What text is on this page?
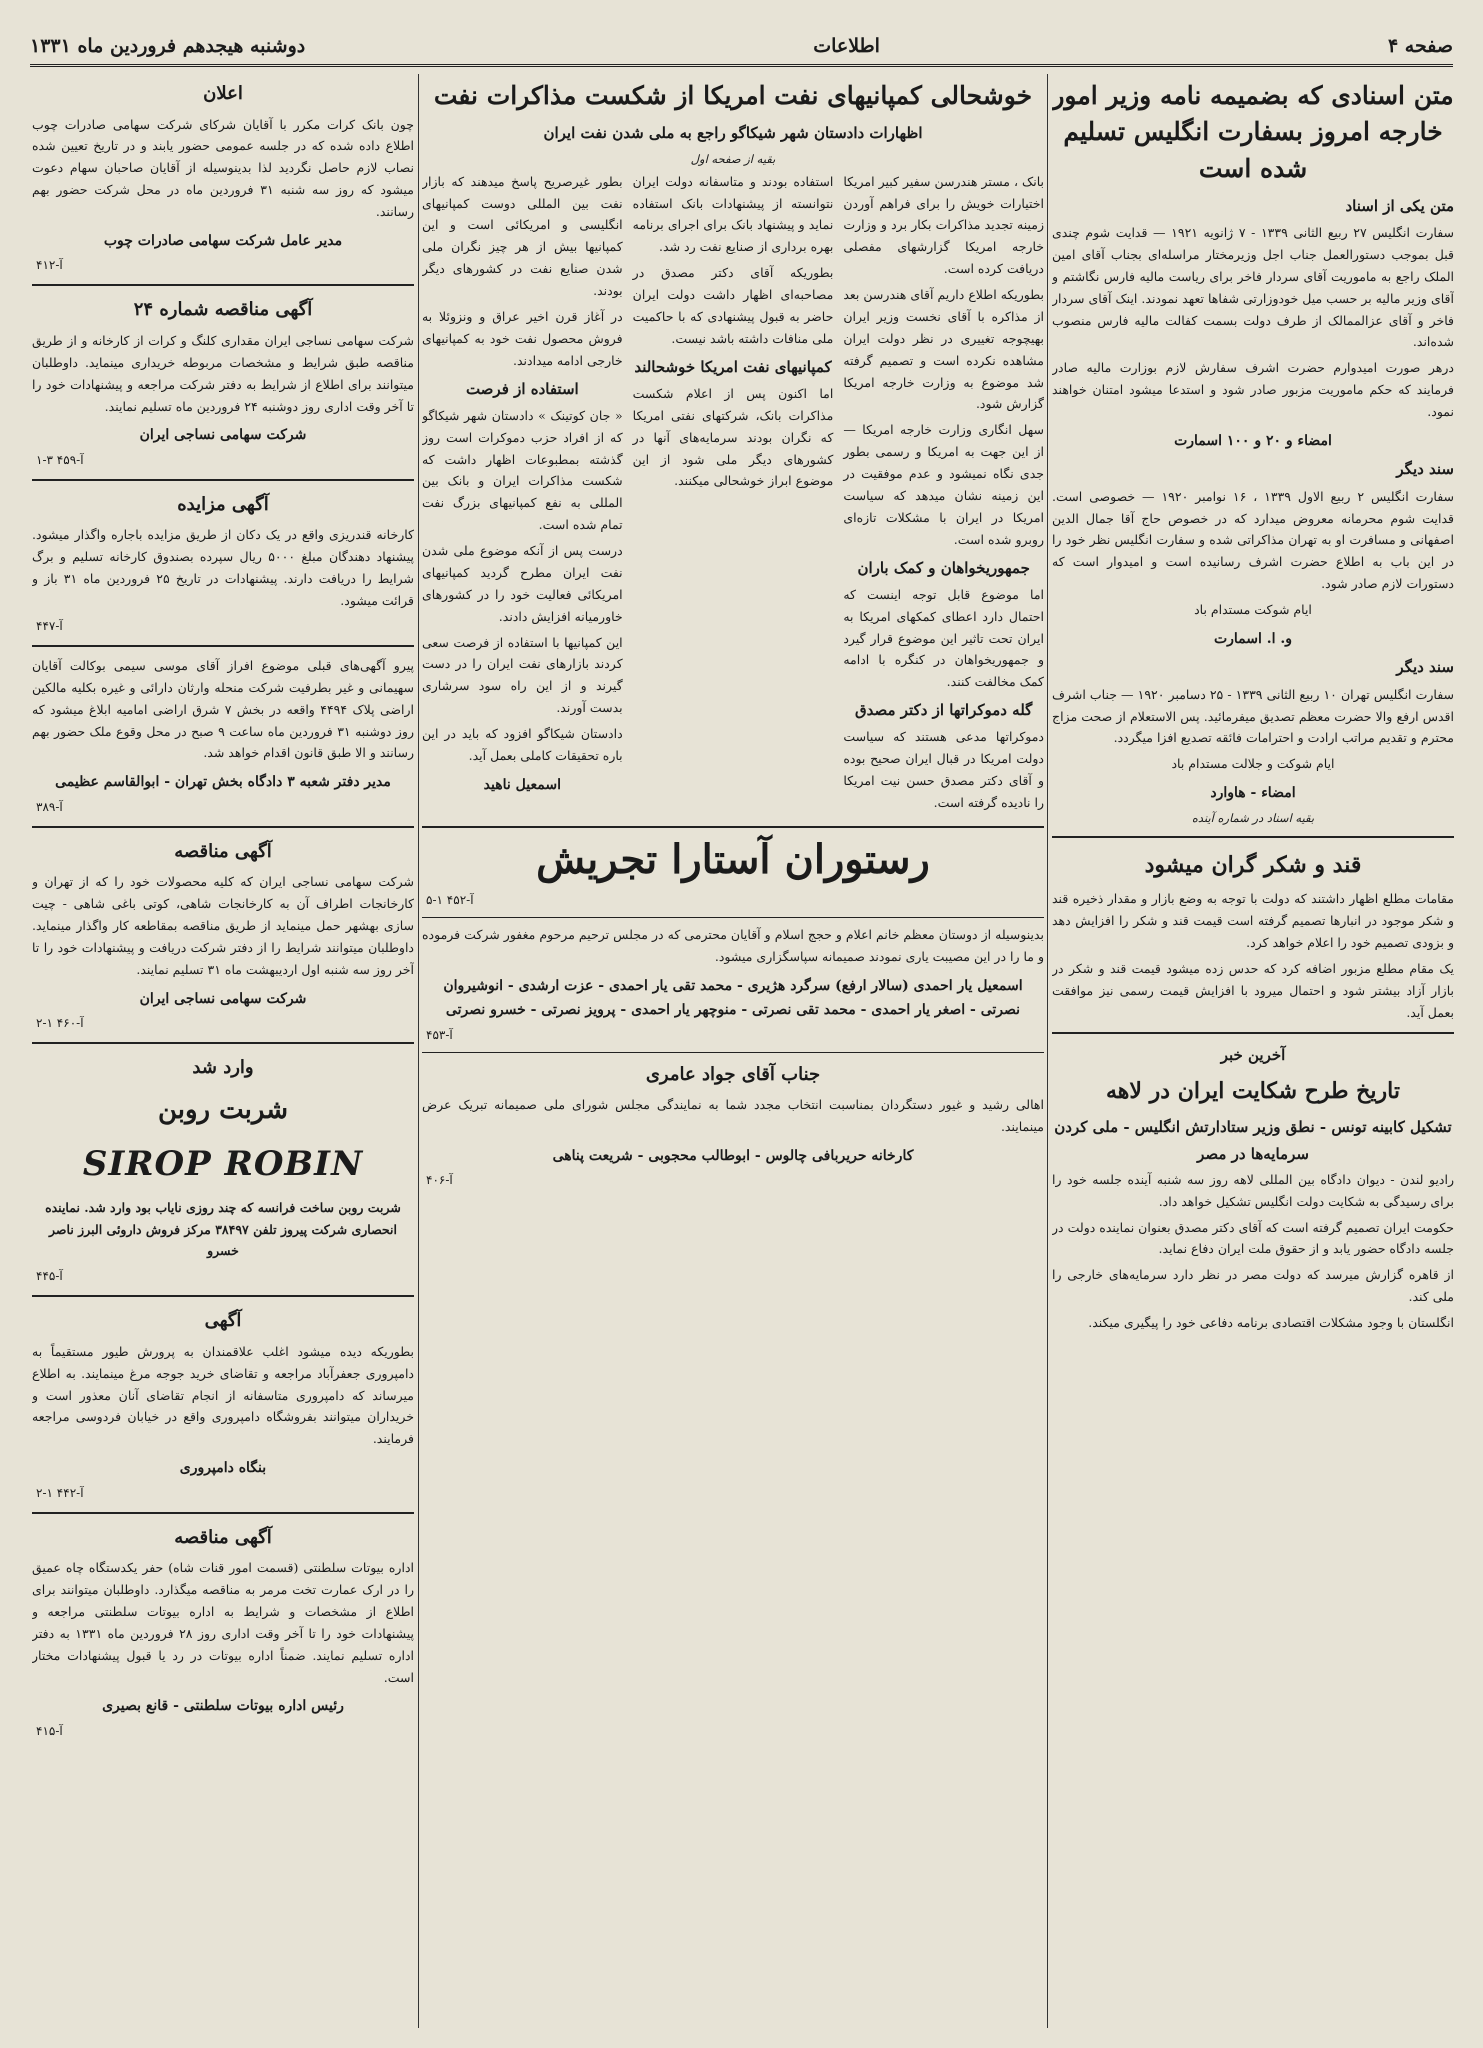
صفحه ۴
اطلاعات
دوشنبه هیجدهم فروردین ماه ۱۳۳۱
متن اسنادی که بضمیمه نامه وزیر امور خارجه امروز بسفارت انگلیس تسلیم شده است
متن یکی از اسناد

سفارت انگلیس ۲۷ ربیع الثانی ۱۳۳۹ - ۷ ژانویه ۱۹۲۱ — قدایت شوم چندی قبل بموجب دستورالعمل جناب اجل وزیرمختار مراسله‌ای بجناب آقای امین الملک راجع به ماموریت آقای سردار فاخر برای ریاست مالیه فارس نگاشتم و آقای وزیر مالیه بر حسب میل خودوزارتی شفاها تعهد نمودند. اینک آقای سردار فاخر و آقای عزالممالک از طرف دولت بسمت کفالت مالیه فارس منصوب شده‌اند.

درهر صورت امیدوارم حضرت اشرف سفارش لازم بوزارت مالیه صادر فرمایند که حکم ماموریت مزبور صادر شود و استدعا میشود امتنان خواهند نمود.

امضاء و ۲۰ و ۱۰۰ اسمارت
سند دیگر

سفارت انگلیس ۲ ربیع الاول ۱۳۳۹ ، ۱۶ نوامبر ۱۹۲۰ — خصوصی است. قدایت شوم محرمانه معروض میدارد که در خصوص حاج آقا جمال الدین اصفهانی و مسافرت او به تهران مذاکراتی شده و سفارت انگلیس نظر خود را در این باب به اطلاع حضرت اشرف رسانیده است و امیدوار است که دستورات لازم صادر شود.

ایام شوکت مستدام باد

و. ا. اسمارت
سند دیگر

سفارت انگلیس تهران ۱۰ ربیع الثانی ۱۳۳۹ - ۲۵ دسامبر ۱۹۲۰ — جناب اشرف اقدس ارفع والا حضرت معظم تصدیق میفرمائید. پس الاستعلام از صحت مزاج محترم و تقدیم مراتب ارادت و احترامات فائقه تصدیع افزا میگردد.

ایام شوکت و جلالت مستدام باد

امضاء - هاوارد
بقیه اسناد در شماره آینده
قند و شکر گران میشود

مقامات مطلع اظهار داشتند که دولت با توجه به وضع بازار و مقدار ذخیره قند و شکر موجود در انبارها تصمیم گرفته است قیمت قند و شکر را افزایش دهد و بزودی تصمیم خود را اعلام خواهد کرد.

یک مقام مطلع مزبور اضافه کرد که حدس زده میشود قیمت قند و شکر در بازار آزاد بیشتر شود و احتمال میرود با افزایش قیمت رسمی نیز موافقت بعمل آید.

آخرین خبر
تاریخ طرح شکایت ایران در لاهه
تشکیل کابینه تونس - نطق وزیر ستادارتش انگلیس - ملی کردن سرمایه‌ها در مصر

رادیو لندن - دیوان دادگاه بین المللی لاهه روز سه شنبه آینده جلسه خود را برای رسیدگی به شکایت دولت انگلیس تشکیل خواهد داد.

حکومت ایران تصمیم گرفته است که آقای دکتر مصدق بعنوان نماینده دولت در جلسه دادگاه حضور یابد و از حقوق ملت ایران دفاع نماید.

از قاهره گزارش میرسد که دولت مصر در نظر دارد سرمایه‌های خارجی را ملی کند.

انگلستان با وجود مشکلات اقتصادی برنامه دفاعی خود را پیگیری میکند.

خوشحالی کمپانیهای نفت امریکا از شکست مذاکرات نفت
اظهارات دادستان شهر شیکاگو راجع به ملی شدن نفت ایران
بقیه از صفحه اول

بانک ، مستر هندرسن سفیر کبیر امریکا اختیارات خویش را برای فراهم آوردن زمینه تجدید مذاکرات بکار برد و وزارت خارجه امریکا گزارشهای مفصلی دریافت کرده است.

بطوریکه اطلاع داریم آقای هندرسن بعد از مذاکره با آقای نخست وزیر ایران بهیچوجه تغییری در نظر دولت ایران مشاهده نکرده است و تصمیم گرفته شد موضوع به وزارت خارجه امریکا گزارش شود.

سهل انگاری وزارت خارجه امریکا — از این جهت به امریکا و رسمی بطور جدی نگاه نمیشود و عدم موفقیت در این زمینه نشان میدهد که سیاست امریکا در ایران با مشکلات تازه‌ای روبرو شده است.

جمهوریخواهان و کمک باران

اما موضوع قابل توجه اینست که احتمال دارد اعطای کمکهای امریکا به ایران تحت تاثیر این موضوع قرار گیرد و جمهوریخواهان در کنگره با ادامه کمک مخالفت کنند.

گله دموکراتها از دکتر مصدق

دموکراتها مدعی هستند که سیاست دولت امریکا در قبال ایران صحیح بوده و آقای دکتر مصدق حسن نیت امریکا را نادیده گرفته است.

استفاده بودند و متاسفانه دولت ایران نتوانسته از پیشنهادات بانک استفاده نماید و پیشنهاد بانک برای اجرای برنامه بهره برداری از صنایع نفت رد شد.

بطوریکه آقای دکتر مصدق در مصاحبه‌ای اظهار داشت دولت ایران حاضر به قبول پیشنهادی که با حاکمیت ملی منافات داشته باشد نیست.

کمپانیهای نفت امریکا خوشحالند

اما اکنون پس از اعلام شکست مذاکرات بانک، شرکتهای نفتی امریکا که نگران بودند سرمایه‌های آنها در کشورهای دیگر ملی شود از این موضوع ابراز خوشحالی میکنند.

بطور غیرصریح پاسخ میدهند که بازار نفت بین المللی دوست کمپانیهای انگلیسی و امریکائی است و این کمپانیها بیش از هر چیز نگران ملی شدن صنایع نفت در کشورهای دیگر بودند.

در آغاز قرن اخیر عراق و ونزوئلا به فروش محصول نفت خود به کمپانیهای خارجی ادامه میدادند.

استفاده از فرصت

« جان کوتینک » دادستان شهر شیکاگو که از افراد حزب دموکرات است روز گذشته بمطبوعات اظهار داشت که شکست مذاکرات ایران و بانک بین المللی به نفع کمپانیهای بزرگ نفت تمام شده است.

درست پس از آنکه موضوع ملی شدن نفت ایران مطرح گردید کمپانیهای امریکائی فعالیت خود را در کشورهای خاورمیانه افزایش دادند.

این کمپانیها با استفاده از فرصت سعی کردند بازارهای نفت ایران را در دست گیرند و از این راه سود سرشاری بدست آورند.

دادستان شیکاگو افزود که باید در این باره تحقیقات کاملی بعمل آید.

اسمعیل ناهید
رستوران آستارا تجریش
آ-۴۵۲ ۱-۵

بدینوسیله از دوستان معظم خانم اعلام و حجج اسلام و آقایان محترمی که در مجلس ترحیم مرحوم مغفور شرکت فرموده و ما را در این مصیبت یاری نمودند صمیمانه سپاسگزاری میشود.

اسمعیل یار احمدی (سالار ارفع) سرگرد هژیری - محمد تقی یار احمدی - عزت ارشدی - انوشیروان نصرتی - اصغر یار احمدی - محمد تقی نصرتی - منوچهر یار احمدی - پرویز نصرتی - خسرو نصرتی
آ-۴۵۳
جناب آقای جواد عامری

اهالی رشید و غیور دستگردان بمناسبت انتخاب مجدد شما به نمایندگی مجلس شورای ملی صمیمانه تبریک عرض مینمایند.

کارخانه حریربافی چالوس - ابوطالب محجوبی - شریعت پناهی
آ-۴۰۶
اعلان

چون بانک کرات مکرر با آقایان شرکای شرکت سهامی صادرات چوب اطلاع داده شده که در جلسه عمومی حضور یابند و در تاریخ تعیین شده نصاب لازم حاصل نگردید لذا بدینوسیله از آقایان صاحبان سهام دعوت میشود که روز سه شنبه ۳۱ فروردین ماه در محل شرکت حضور بهم رسانند.

مدیر عامل شرکت سهامی صادرات چوب
آ-۴۱۲
آگهی مناقصه شماره ۲۴

شرکت سهامی نساجی ایران مقداری کلنگ و کرات از کارخانه و از طریق مناقصه طبق شرایط و مشخصات مربوطه خریداری مینماید. داوطلبان میتوانند برای اطلاع از شرایط به دفتر شرکت مراجعه و پیشنهادات خود را تا آخر وقت اداری روز دوشنبه ۲۴ فروردین ماه تسلیم نمایند.

شرکت سهامی نساجی ایران
آ-۴۵۹ ۳-۱
آگهی مزایده

کارخانه قندریزی واقع در یک دکان از طریق مزایده باجاره واگذار میشود. پیشنهاد دهندگان مبلغ ۵۰۰۰ ریال سپرده بصندوق کارخانه تسلیم و برگ شرایط را دریافت دارند. پیشنهادات در تاریخ ۲۵ فروردین ماه ۳۱ باز و قرائت میشود.

آ-۴۴۷

پیرو آگهی‌های قبلی موضوع افراز آقای موسی سیمی بوکالت آقایان سهیمانی و غیر بطرفیت شرکت منحله وارثان دارائی و غیره بکلیه مالکین اراضی پلاک ۴۴۹۴ واقعه در بخش ۷ شرق اراضی امامیه ابلاغ میشود که روز دوشنبه ۳۱ فروردین ماه ساعت ۹ صبح در محل وقوع ملک حضور بهم رسانند و الا طبق قانون اقدام خواهد شد.

مدیر دفتر شعبه ۳ دادگاه بخش تهران - ابوالقاسم عظیمی
آ-۳۸۹
آگهی مناقصه

شرکت سهامی نساجی ایران که کلیه محصولات خود را که از تهران و کارخانجات اطراف آن به کارخانجات شاهی، کوتی باغی شاهی - چیت سازی بهشهر حمل مینماید از طریق مناقصه بمقاطعه کار واگذار مینماید. داوطلبان میتوانند شرایط را از دفتر شرکت دریافت و پیشنهادات خود را تا آخر روز سه شنبه اول اردیبهشت ماه ۳۱ تسلیم نمایند.

شرکت سهامی نساجی ایران
آ-۴۶۰ ۱-۲
وارد شد
شربت روبن
SIROP ROBIN

شربت روبن ساخت فرانسه که چند روزی نایاب بود وارد شد. نماینده انحصاری شرکت پیروز تلفن ۳۸۴۹۷ مرکز فروش داروئی البرز ناصر خسرو

آ-۴۴۵
آگهی

بطوریکه دیده میشود اغلب علاقمندان به پرورش طیور مستقیماً به دامپروری جعفرآباد مراجعه و تقاضای خرید جوجه مرغ مینمایند. به اطلاع میرساند که دامپروری متاسفانه از انجام تقاضای آنان معذور است و خریداران میتوانند بفروشگاه دامپروری واقع در خیابان فردوسی مراجعه فرمایند.

بنگاه دامپروری
آ-۴۴۲ ۱-۲
آگهی مناقصه

اداره بیوتات سلطنتی (قسمت امور قنات شاه) حفر یکدستگاه چاه عمیق را در ارک عمارت تخت مرمر به مناقصه میگذارد. داوطلبان میتوانند برای اطلاع از مشخصات و شرایط به اداره بیوتات سلطنتی مراجعه و پیشنهادات خود را تا آخر وقت اداری روز ۲۸ فروردین ماه ۱۳۳۱ به دفتر اداره تسلیم نمایند. ضمناً اداره بیوتات در رد یا قبول پیشنهادات مختار است.

رئیس اداره بیوتات سلطنتی - قانع بصیری
آ-۴۱۵
